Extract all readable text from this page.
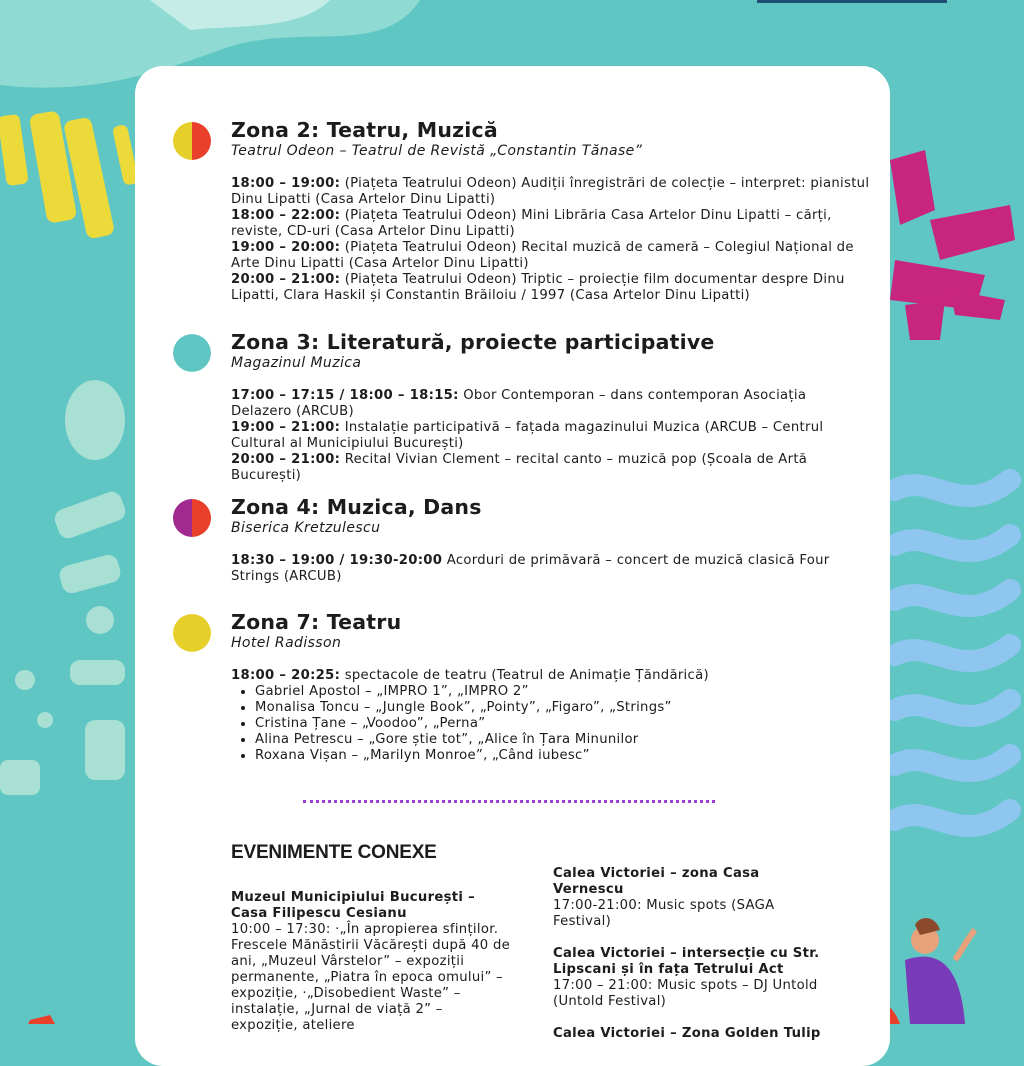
Zona 2: Teatru, Muzică
Teatrul Odeon – Teatrul de Revistă „Constantin Tănase”
18:00 – 19:00: (Piațeta Teatrului Odeon) Audiții înregistrări de colecție – interpret: pianistul Dinu Lipatti (Casa Artelor Dinu Lipatti)
18:00 – 22:00: (Piațeta Teatrului Odeon) Mini Librăria Casa Artelor Dinu Lipatti – cărți, reviste, CD-uri (Casa Artelor Dinu Lipatti)
19:00 – 20:00: (Piațeta Teatrului Odeon) Recital muzică de cameră – Colegiul Național de Arte Dinu Lipatti (Casa Artelor Dinu Lipatti)
20:00 – 21:00: (Piațeta Teatrului Odeon) Triptic – proiecție film documentar despre Dinu Lipatti, Clara Haskil și Constantin Brăiloiu / 1997 (Casa Artelor Dinu Lipatti)
Zona 3: Literatură, proiecte participative
Magazinul Muzica
17:00 – 17:15 / 18:00 – 18:15: Obor Contemporan – dans contemporan Asociația Delazero (ARCUB)
19:00 – 21:00: Instalație participativă – fațada magazinului Muzica (ARCUB – Centrul Cultural al Municipiului București)
20:00 – 21:00: Recital Vivian Clement – recital canto – muzică pop (Școala de Artă București)
Zona 4: Muzica, Dans
Biserica Kretzulescu
18:30 – 19:00 / 19:30-20:00 Acorduri de primăvară – concert de muzică clasică Four Strings (ARCUB)
Zona 7: Teatru
Hotel Radisson
18:00 – 20:25: spectacole de teatru (Teatrul de Animație Țăndărică)
• Gabriel Apostol – „IMPRO 1”, „IMPRO 2”
• Monalisa Toncu – „Jungle Book”, „Pointy”, „Figaro”, „Strings”
• Cristina Țane – „Voodoo”, „Perna”
• Alina Petrescu – „Gore știe tot”, „Alice în Țara Minunilor
• Roxana Vișan – „Marilyn Monroe”, „Când iubesc”
EVENIMENTE CONEXE
Muzeul Municipiului București – Casa Filipescu Cesianu
10:00 – 17:30: ·„În apropierea sfinților. Frescele Mănăstirii Văcărești după 40 de ani, „Muzeul Vârstelor” – expoziții permanente, „Piatra în epoca omului” – expoziție, ·„Disobedient Waste” – instalație, „Jurnal de viață 2” – expoziție, ateliere
Calea Victoriei – zona Casa Vernescu
17:00-21:00: Music spots (SAGA Festival)
Calea Victoriei – intersecție cu Str. Lipscani și în fața Tetrului Act
17:00 – 21:00: Music spots – DJ Untold (Untold Festival)
Calea Victoriei – Zona Golden Tulip
